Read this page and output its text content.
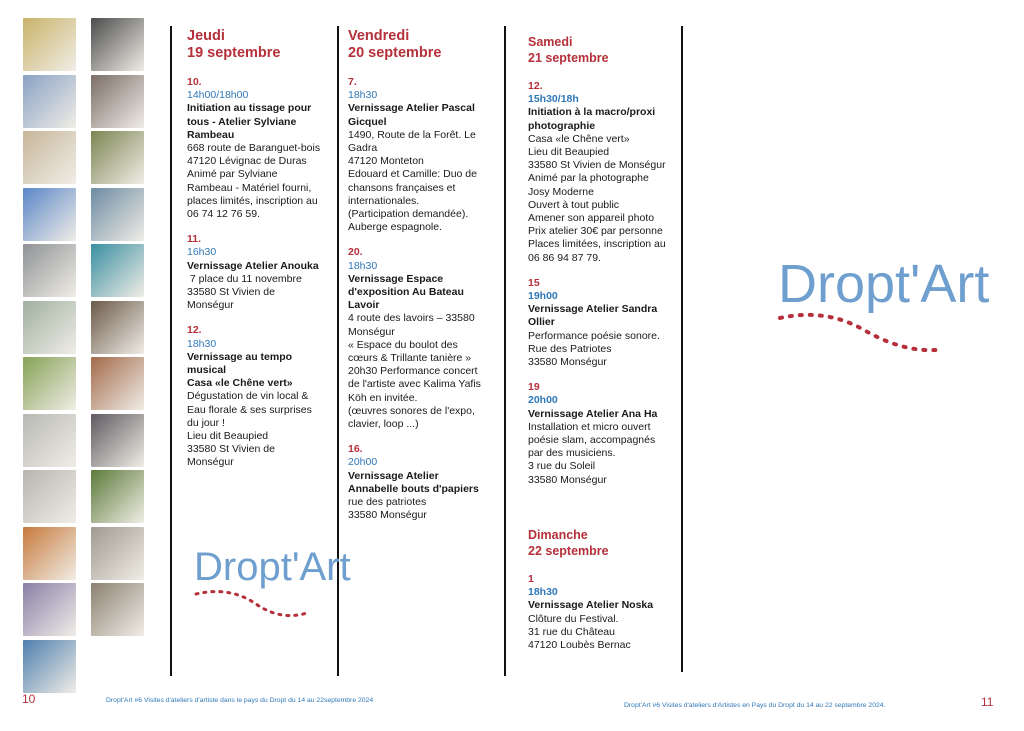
Jeudi
19 septembre
10.
14h00/18h00
Initiation au tissage pour
tous - Atelier Sylviane
Rambeau
668 route de Baranguet-bois
47120 Lévignac de Duras
Animé par Sylviane
Rambeau - Matériel fourni,
places limités, inscription au
06 74 12 76 59.
11.
16h30
Vernissage Atelier Anouka
7 place du 11 novembre
33580 St Vivien de
Monségur
12.
18h30
Vernissage au tempo
musical
Casa «le Chêne vert»
Dégustation de vin local &
Eau florale & ses surprises
du jour !
Lieu dit Beaupied
33580 St Vivien de
Monségur
Vendredi
20 septembre
7.
18h30
Vernissage Atelier Pascal
Gicquel
1490, Route de la Forêt. Le
Gadra
47120 Monteton
Edouard et Camille: Duo de
chansons françaises et
internationales.
(Participation demandée).
Auberge espagnole.
20.
18h30
Vernissage Espace
d'exposition Au Bateau
Lavoir
4 route des lavoirs – 33580
Monségur
« Espace du boulot des
cœurs & Trillante tanière »
20h30 Performance concert
de l'artiste avec Kalima Yafis
Köh en invitée.
(œuvres sonores de l'expo,
clavier, loop ...)
16.
20h00
Vernissage Atelier
Annabelle bouts d'papiers
rue des patriotes
33580 Monségur
Samedi
21 septembre
12.
15h30/18h
Initiation à la macro/proxi
photographie
Casa «le Chêne vert»
Lieu dit Beaupied
33580 St Vivien de Monségur
Animé par la photographe
Josy Moderne
Ouvert à tout public
Amener son appareil photo
Prix atelier 30€ par personne
Places limitées, inscription au
06 86 94 87 79.
15
19h00
Vernissage Atelier Sandra
Ollier
Performance poésie sonore.
Rue des Patriotes
33580 Monségur
19
20h00
Vernissage Atelier Ana Ha
Installation et micro ouvert
poésie slam, accompagnés
par des musiciens.
3 rue du Soleil
33580 Monségur
Dimanche
22 septembre
1
18h30
Vernissage Atelier Noska
Clôture du Festival.
31 rue du Château
47120 Loubès Bernac
Dropt'Art
Dropt'Art
10	Dropt'Art #6 Visites d'ateliers d'artiste dans le pays du Dropt du 14 au 22septembre 2024
Dropt'Art #6 Visites d'ateliers d'Artistes en Pays du Dropt du 14 au 22 septembre 2024.	11
